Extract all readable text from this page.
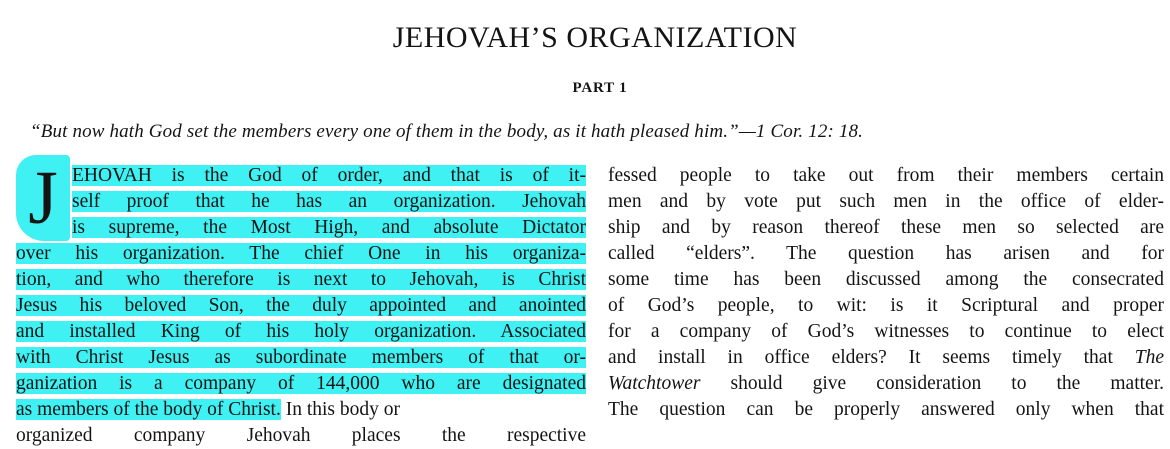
JEHOVAH’S ORGANIZATION
PART 1
“But now hath God set the members every one of them in the body, as it hath pleased him.”—1 Cor. 12: 18.
J EHOVAH is the God of order, and that is of it-
self proof that he has an organization. Jehovah
is supreme, the Most High, and absolute Dictator
over his organization. The chief One in his organiza-
tion, and who therefore is next to Jehovah, is Christ
Jesus his beloved Son, the duly appointed and anointed
and installed King of his holy organization. Associated
with Christ Jesus as subordinate members of that or-
ganization is a company of 144,000 who are designated
as members of the body of Christ. In this body or
organized company Jehovah places the respective
fessed people to take out from their members certain
men and by vote put such men in the office of elder-
ship and by reason thereof these men so selected are
called “elders”. The question has arisen and for
some time has been discussed among the consecrated
of God’s people, to wit: is it Scriptural and proper
for a company of God’s witnesses to continue to elect
and install in office elders? It seems timely that The
Watchtower should give consideration to the matter.
The question can be properly answered only when that
